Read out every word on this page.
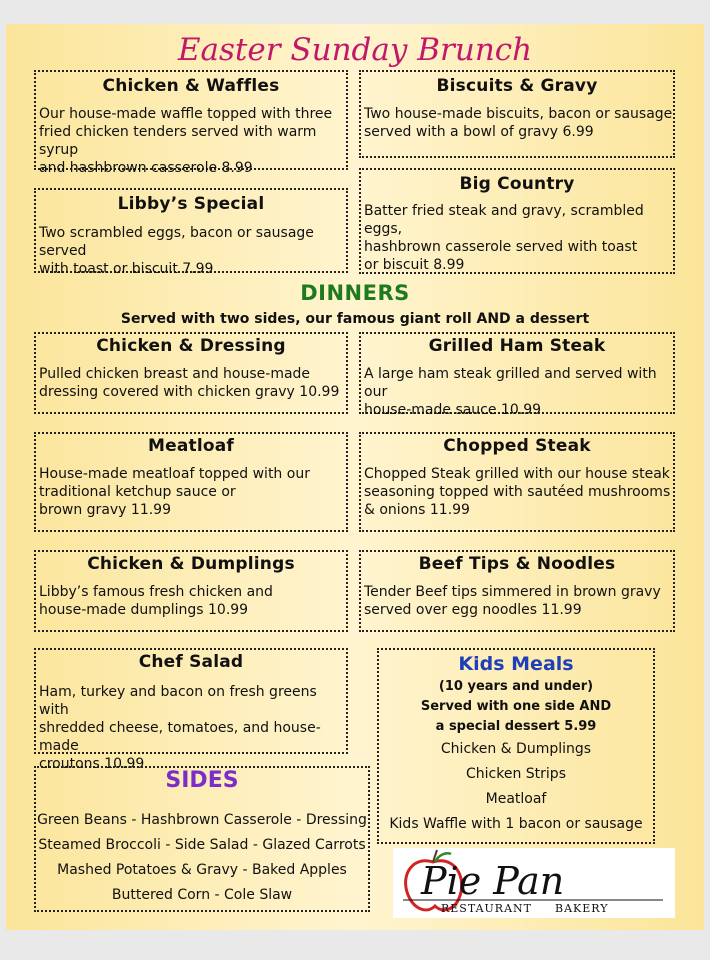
Easter Sunday Brunch
Chicken & Waffles
Our house-made waffle topped with three
fried chicken tenders served with warm syrup
and hashbrown casserole 8.99
Biscuits & Gravy
Two house-made biscuits, bacon or sausage
served with a bowl of gravy 6.99
Libby’s Special
Two scrambled eggs, bacon or sausage served
with toast or biscuit 7.99
Big Country
Batter fried steak and gravy, scrambled eggs,
hashbrown casserole served with toast
or biscuit 8.99
DINNERS
Served with two sides, our famous giant roll AND a dessert
Chicken & Dressing
Pulled chicken breast and house-made
dressing covered with chicken gravy 10.99
Grilled Ham Steak
A large ham steak grilled and served with our
house-made sauce 10.99
Meatloaf
House-made meatloaf topped with our
traditional ketchup sauce or
brown gravy 11.99
Chopped Steak
Chopped Steak grilled with our house steak
seasoning topped with sautéed mushrooms
& onions 11.99
Chicken & Dumplings
Libby’s famous fresh chicken and
house-made dumplings 10.99
Beef Tips & Noodles
Tender Beef tips simmered in brown gravy
served over egg noodles 11.99
Chef Salad
Ham, turkey and bacon on fresh greens with
shredded cheese, tomatoes, and house-made
croutons 10.99
Kids Meals
(10 years and under)
Served with one side AND
a special dessert 5.99
Chicken & Dumplings
Chicken Strips
Meatloaf
Kids Waffle with 1 bacon or sausage
SIDES
Green Beans - Hashbrown Casserole - Dressing
Steamed Broccoli - Side Salad - Glazed Carrots
Mashed Potatoes & Gravy - Baked Apples
Buttered Corn - Cole Slaw	Pie Pan
RESTAURANT BAKERY
